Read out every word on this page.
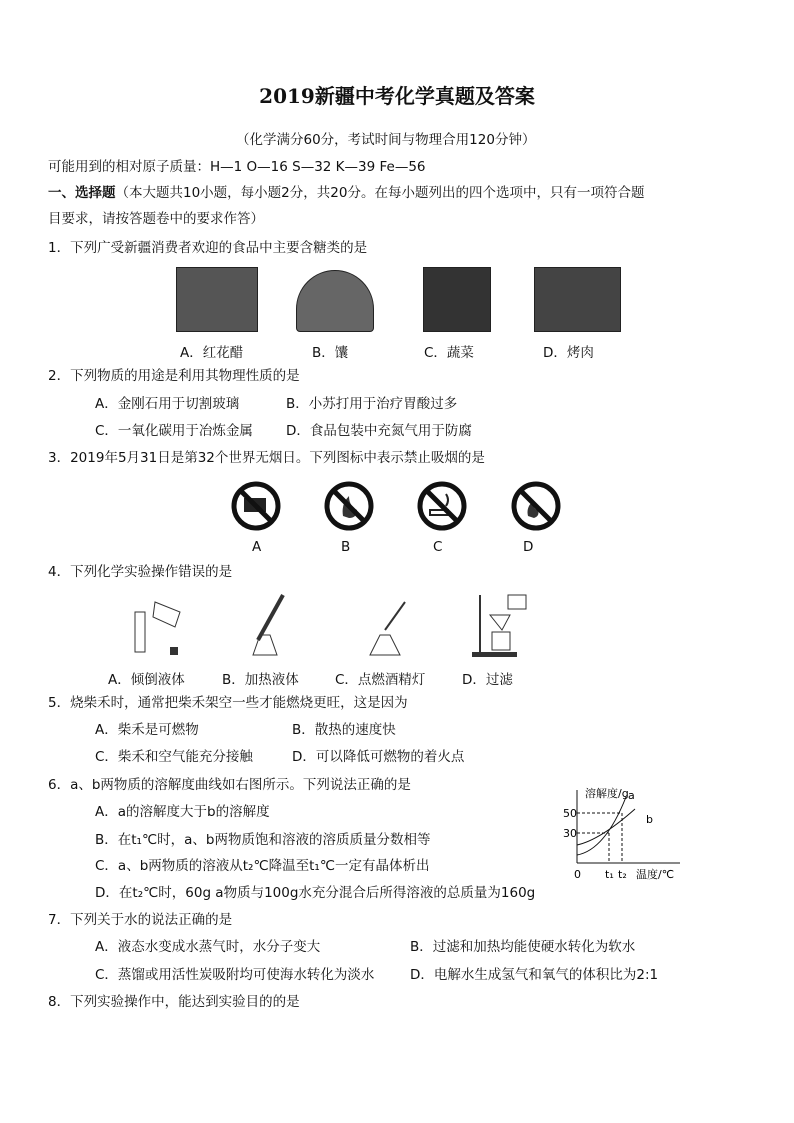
2019新疆中考化学真题及答案
（化学满分60分，考试时间与物理合用120分钟）
可能用到的相对原子质量：H—1 O—16 S—32 K—39 Fe—56
一、选择题（本大题共10小题，每小题2分，共20分。在每小题列出的四个选项中，只有一项符合题
目要求，请按答题卷中的要求作答）
1．下列广受新疆消费者欢迎的食品中主要含糖类的是
A．红花醋	B．馕	C．蔬菜	D．烤肉
2．下列物质的用途是利用其物理性质的是
A．金刚石用于切割玻璃	B．小苏打用于治疗胃酸过多
C．一氧化碳用于冶炼金属 D．食品包装中充氮气用于防腐
3．2019年5月31日是第32个世界无烟日。下列图标中表示禁止吸烟的是
A	B	C	D
4．下列化学实验操作错误的是
A．倾倒液体	B．加热液体	C．点燃酒精灯	D．过滤
5．烧柴禾时，通常把柴禾架空一些才能燃烧更旺，这是因为
A．柴禾是可燃物	B．散热的速度快
C．柴禾和空气能充分接触	D．可以降低可燃物的着火点
6．a、b两物质的溶解度曲线如右图所示。下列说法正确的是
A．a的溶解度大于b的溶解度
B．在t₁℃时，a、b两物质饱和溶液的溶质质量分数相等
C．a、b两物质的溶液从t₂℃降温至t₁℃一定有晶体析出
D．在t₂℃时，60g a物质与100g水充分混合后所得溶液的总质量为160g
溶解度/g
50
30
0 t₁ t₂ 温度/℃
a
b
7．下列关于水的说法正确的是
A．液态水变成水蒸气时，水分子变大	B．过滤和加热均能使硬水转化为软水
C．蒸馏或用活性炭吸附均可使海水转化为淡水	D．电解水生成氢气和氧气的体积比为2:1
8．下列实验操作中，能达到实验目的的是
